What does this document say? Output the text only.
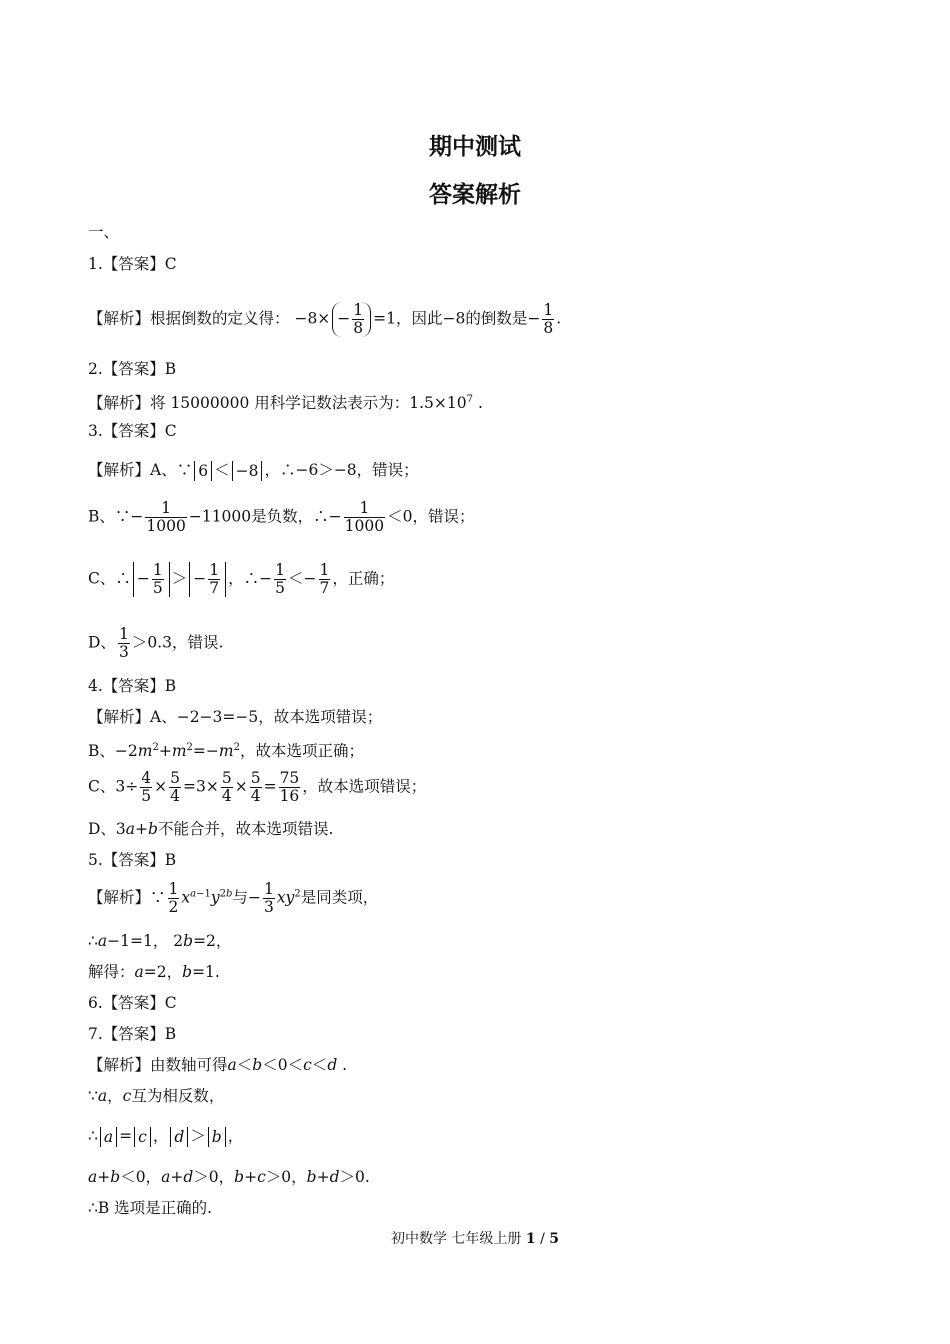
期中测试
答案解析
一、
1.【答案】C
【解析】根据倒数的定义得： $-8\times - \frac{1}{8} =1$，因此−8的倒数是− $\frac{1}{8}$ .
2.【答案】B
【解析】将 15000000 用科学记数法表示为：$1.5\times 10^7$ .
3.【答案】C
【解析】A、∵ 6 ＜ −8 ，∴−6＞−8，错误；
B、∵− $\frac{1}{1000} -11000$是负数，∴− $\frac{1}{1000} <0$，错误；
C、∴ − $\frac{1}{5}$ ＞ − $\frac{1}{7}$ ，∴− $\frac{1}{5} <- \frac{1}{7}$ ，正确；
D、 $\frac{1}{3} >0.3$，错误.
4.【答案】B
【解析】A、−2−3=−5，故本选项错误；
B、$-2m^2+m^2=-m^2$，故本选项正确；
C、$3\div \frac{4}{5} \times \frac{5}{4} =3\times \frac{5}{4} \times \frac{5}{4} = \frac{75}{16}$ ，故本选项错误；
D、3a+b不能合并，故本选项错误.
5.【答案】B
【解析】∵ $\frac{1}{2} x^{a-1}y^{2b}$与− $\frac{1}{3} xy^2$是同类项，
∴a−1=1， 2b=2，
解得：a=2，b=1.
6.【答案】C
7.【答案】B
【解析】由数轴可得a＜b＜0＜c＜d .
∵a，c互为相反数，
∴ a = c ， d ＞ b ，
a+b＜0，a+d＞0，b+c＞0，b+d＞0.
∴B 选项是正确的.
初中数学 七年级上册 1 / 5
